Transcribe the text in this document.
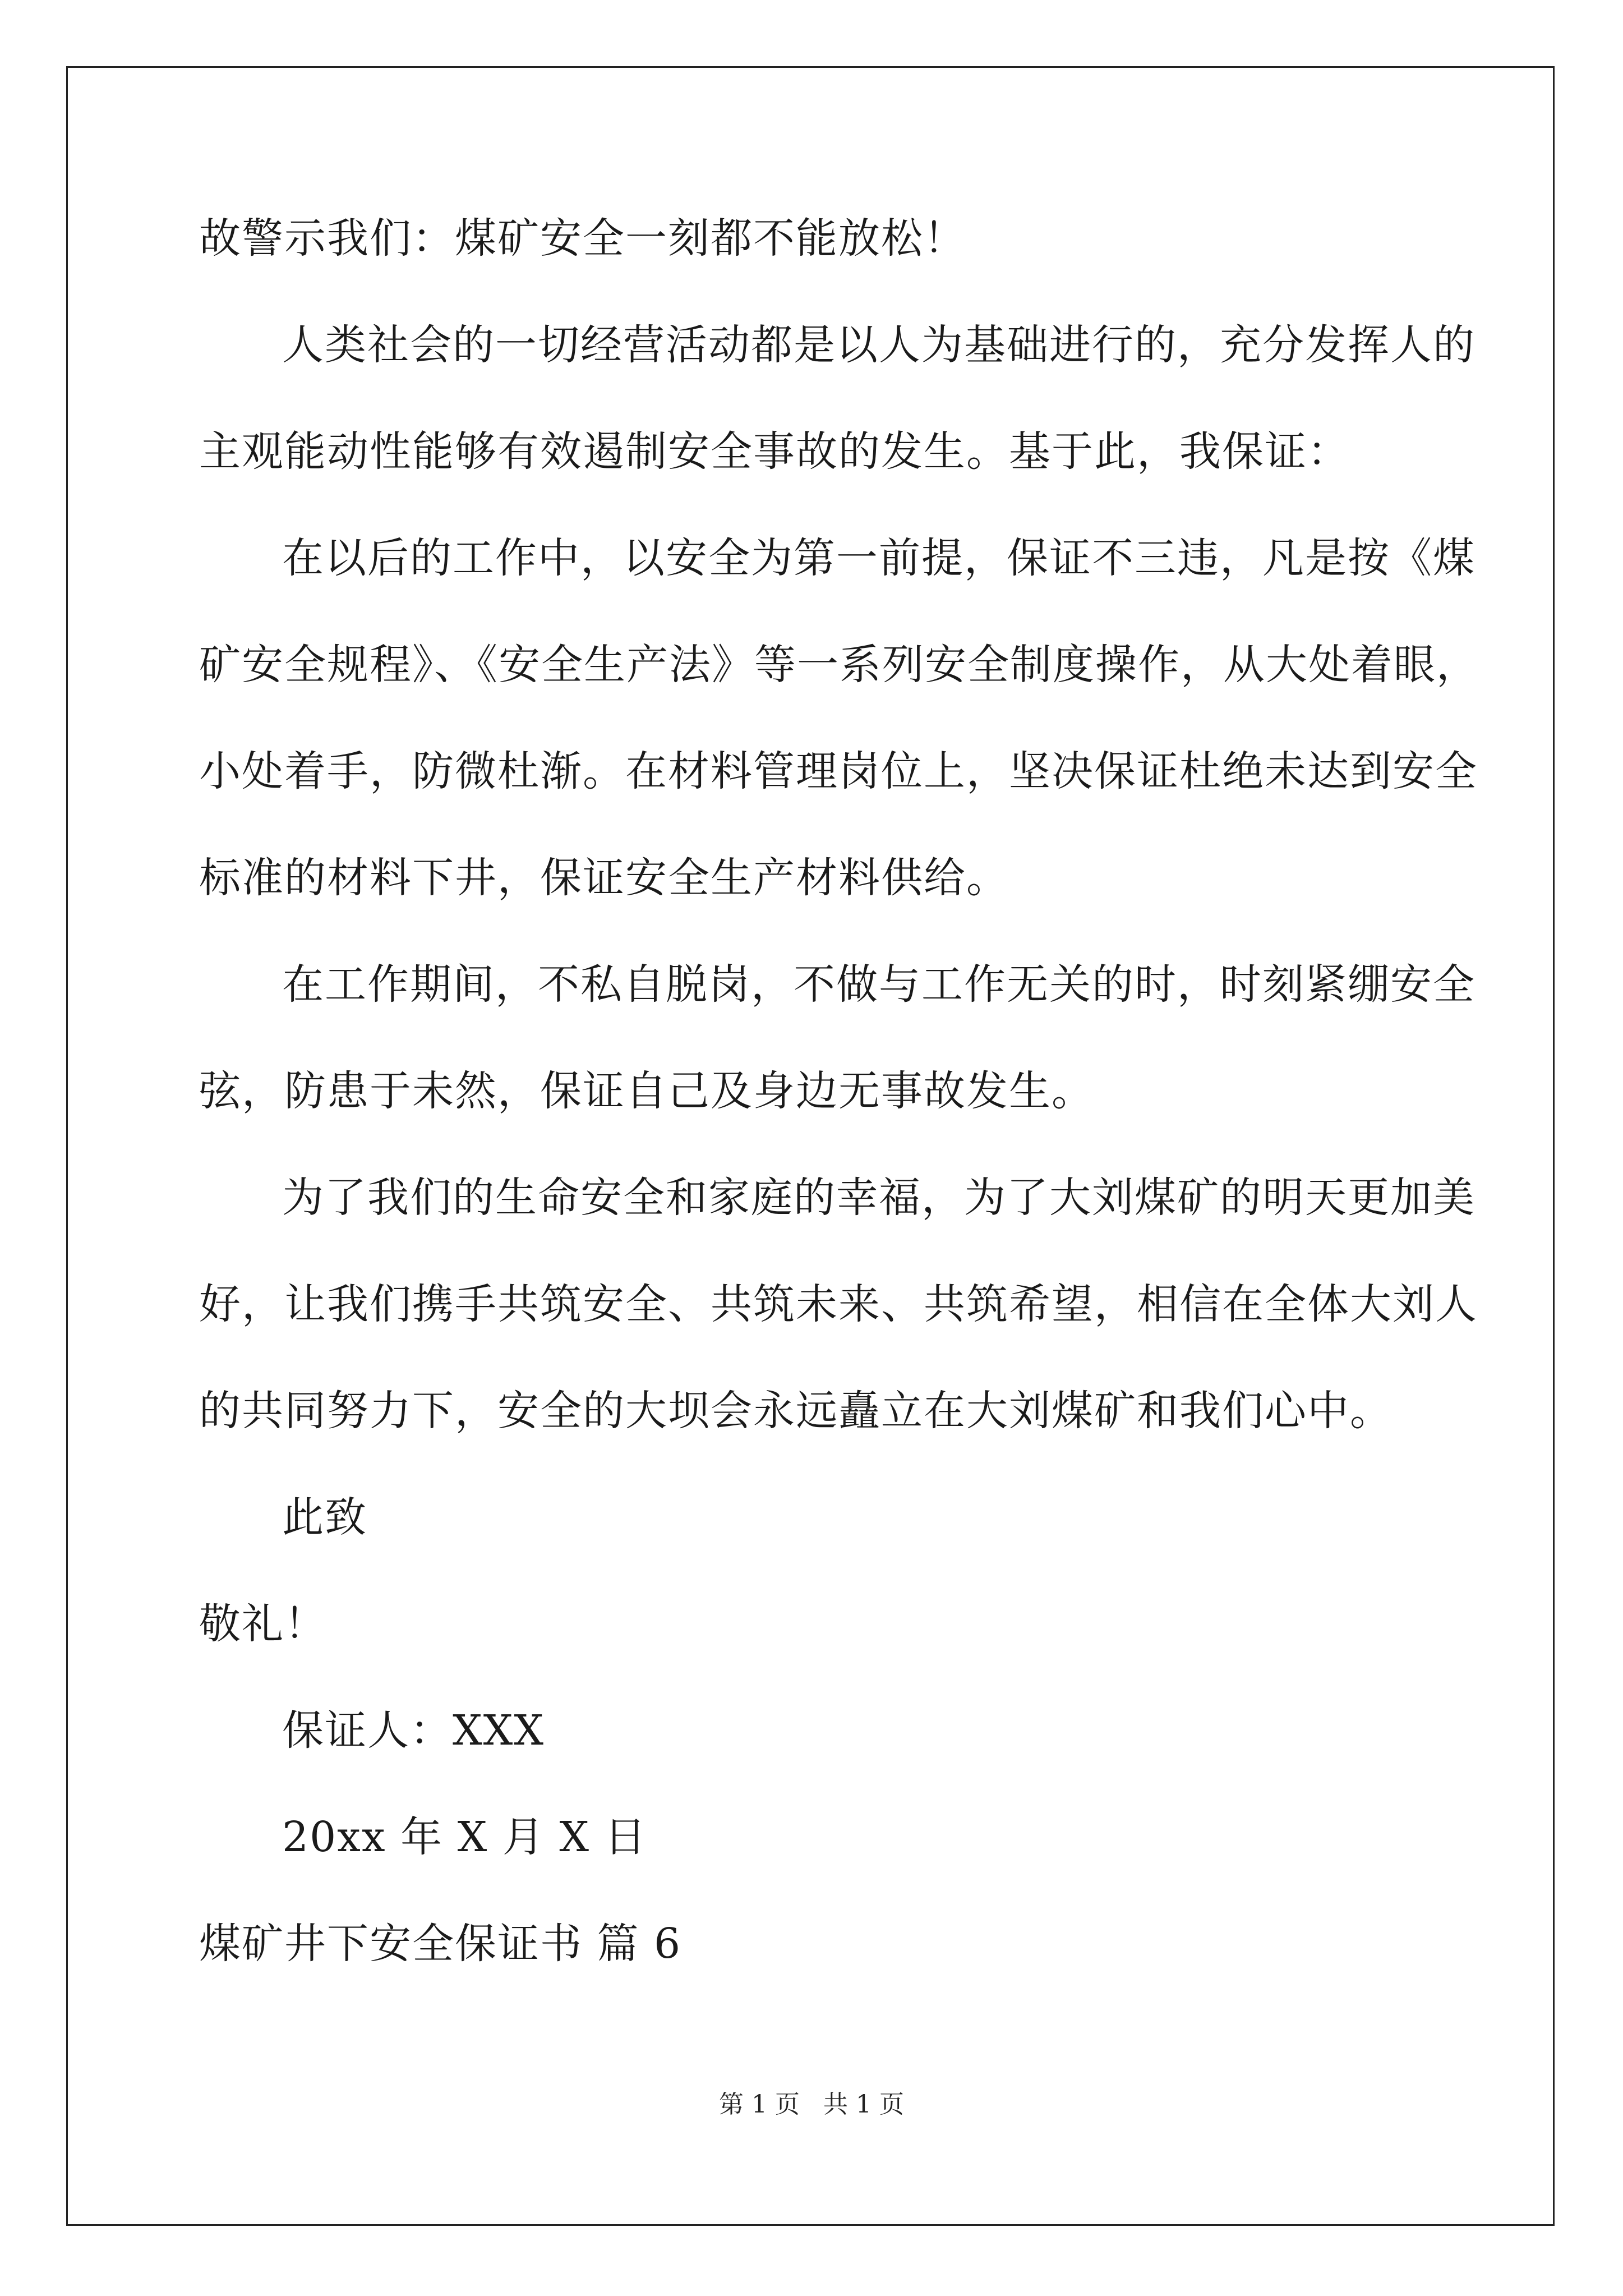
故警示我们：煤矿安全一刻都不能放松！
人类社会的一切经营活动都是以人为基础进行的，充分发挥人的
主观能动性能够有效遏制安全事故的发生。基于此，我保证：
在以后的工作中，以安全为第一前提，保证不三违，凡是按《煤
矿安全规程》、《安全生产法》等一系列安全制度操作，从大处着眼，
小处着手，防微杜渐。在材料管理岗位上，坚决保证杜绝未达到安全
标准的材料下井，保证安全生产材料供给。
在工作期间，不私自脱岗，不做与工作无关的时，时刻紧绷安全
弦，防患于未然，保证自己及身边无事故发生。
为了我们的生命安全和家庭的幸福，为了大刘煤矿的明天更加美
好，让我们携手共筑安全、共筑未来、共筑希望，相信在全体大刘人
的共同努力下，安全的大坝会永远矗立在大刘煤矿和我们心中。
此致
敬礼！
保证人：XXX
20xx 年 X 月 X 日
煤矿井下安全保证书 篇 6
第 1 页 共 1 页
